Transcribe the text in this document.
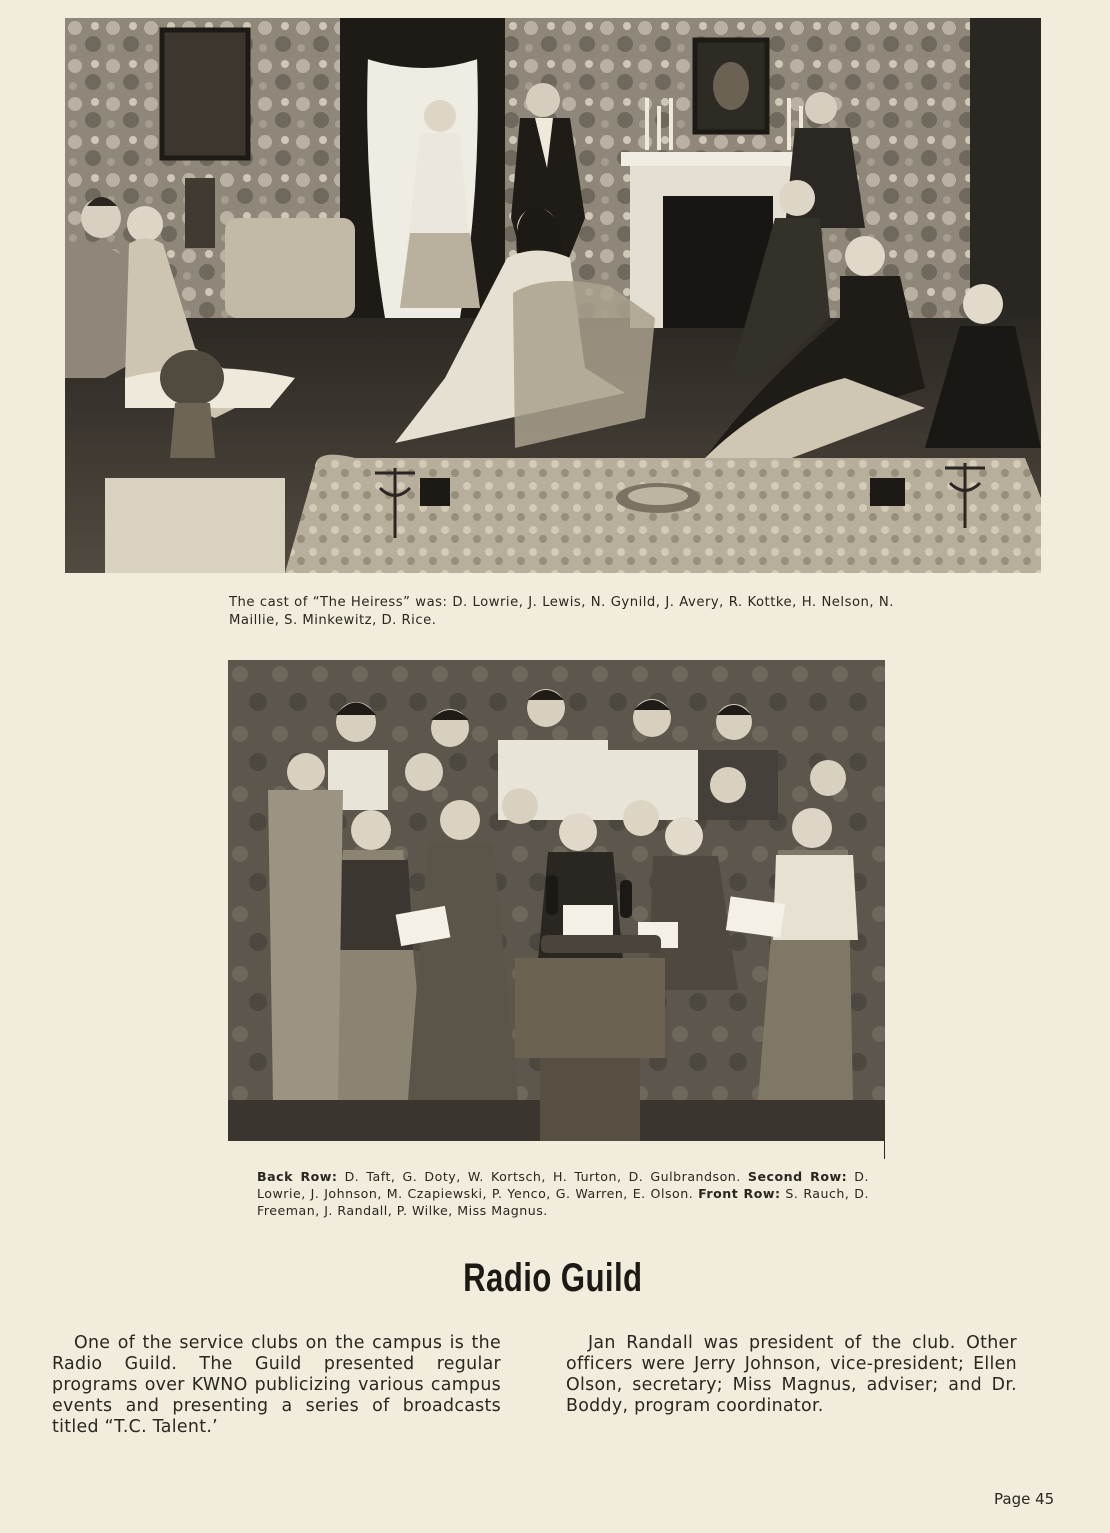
The cast of “The Heiress” was: D. Lowrie, J. Lewis, N. Gynild, J. Avery, R. Kottke, H. Nelson, N. Maillie, S. Minkewitz, D. Rice.

Back Row: D. Taft, G. Doty, W. Kortsch, H. Turton, D. Gulbrandson. Second Row: D. Lowrie, J. Johnson, M. Czapiewski, P. Yenco, G. Warren, E. Olson. Front Row: S. Rauch, D. Freeman, J. Randall, P. Wilke, Miss Magnus.

Radio Guild

One of the service clubs on the campus is the Radio Guild. The Guild presented regular programs over KWNO publicizing various campus events and presenting a series of broadcasts titled “T.C. Talent.’

Jan Randall was president of the club. Other officers were Jerry Johnson, vice-president; Ellen Olson, secretary; Miss Magnus, adviser; and Dr. Boddy, program coordinator.

Page 45
